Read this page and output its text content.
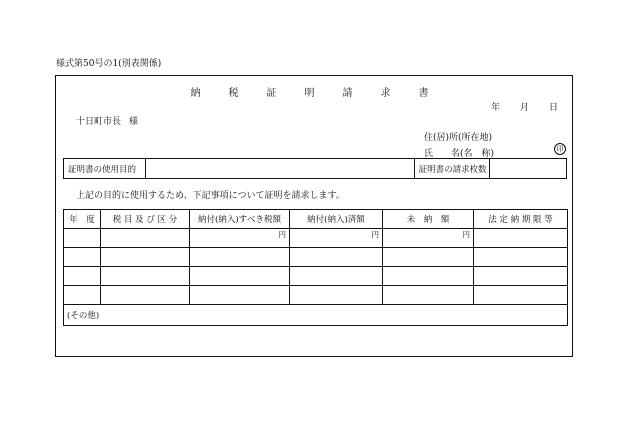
様式第50号の1(別表関係)
納　税　証　明　請　求　書
年 月 日
十日町市長 様
住(居)所(所在地)
氏　　名(名　称)	印
証明書の使用目的	証明書の請求枚数
上記の目的に使用するため、下記事項について証明を請求します。
年　度	税 目 及 び 区 分	納付(納入)すべき税額	納付(納入)済額	未　納　額	法 定 納 期 限 等
		円	円	円	

(その他)					
